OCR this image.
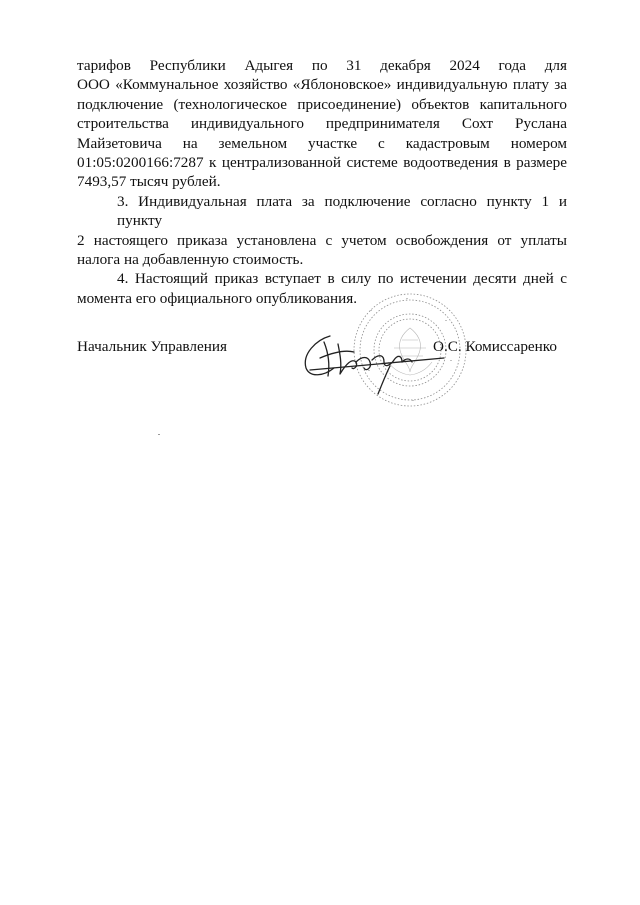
тарифов Республики Адыгея по 31 декабря 2024 года для
ООО «Коммунальное хозяйство «Яблоновское» индивидуальную плату за
подключение (технологическое присоединение) объектов капитального
строительства индивидуального предпринимателя Сохт Руслана
Майзетовича на земельном участке с кадастровым номером
01:05:0200166:7287 к централизованной системе водоотведения в размере
7493,57 тысяч рублей.
3. Индивидуальная плата за подключение согласно пункту 1 и пункту
2 настоящего приказа установлена с учетом освобождения от уплаты
налога на добавленную стоимость.
4. Настоящий приказ вступает в силу по истечении десяти дней с
момента его официального опубликования.
Начальник Управления	О.С. Комиссаренко
